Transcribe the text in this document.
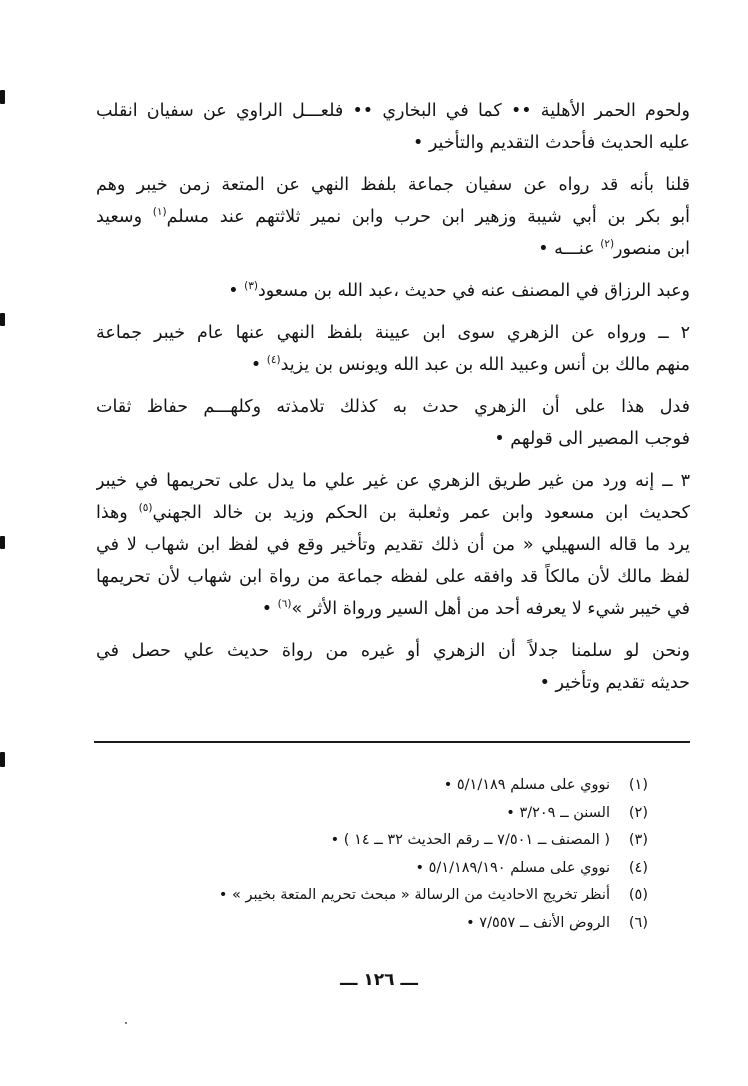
ولحوم الحمر الأهلية •• كما في البخاري •• فلعـــل الراوي عن سفيان انقلب
عليه الحديث فأحدث التقديم والتأخير •
قلنا بأنه قد رواه عن سفيان جماعة بلفظ النهي عن المتعة زمن خيبر وهم
أبو بكر بن أبي شيبة وزهير ابن حرب وابن نمير ثلاثتهم عند مسلم$^{(١)}$ وسعيد
ابن منصور$^{(٢)}$ عنـــه •
وعبد الرزاق في المصنف عنه في حديث ،عبد الله بن مسعود$^{(٣)}$ •
٢ ــ ورواه عن الزهري سوى ابن عيينة بلفظ النهي عنها عام خيبر جماعة
منهم مالك بن أنس وعبيد الله بن عبد الله ويونس بن يزيد$^{(٤)}$ •
فدل هذا على أن الزهري حدث به كذلك تلامذته وكلهـــم حفاظ ثقات
فوجب المصير الى قولهم •
٣ ــ إنه ورد من غير طريق الزهري عن غير علي ما يدل على تحريمها في خيبر
كحديث ابن مسعود وابن عمر وثعلبة بن الحكم وزيد بن خالد الجهني$^{(٥)}$ وهذا
يرد ما قاله السهيلي « من أن ذلك تقديم وتأخير وقع في لفظ ابن شهاب لا في
لفظ مالك لأن مالكاً قد وافقه على لفظه جماعة من رواة ابن شهاب لأن تحريمها
في خيبر شيء لا يعرفه أحد من أهل السير ورواة الأثر »$^{(٦)}$ •
ونحن لو سلمنا جدلاً أن الزهري أو غيره من رواة حديث علي حصل في
حديثه تقديم وتأخير •
(١)نووي على مسلم ٥/١/١٨٩ •
(٢)السنن ــ ٣/٢٠٩ •
(٣)( المصنف ــ ٧/٥٠١ ــ رقم الحديث ٣٢ ــ ١٤ ) •
(٤)نووي على مسلم ٥/١/١٨٩/١٩٠ •
(٥)أنظر تخريج الاحاديث من الرسالة « مبحث تحريم المتعة بخيبر » •
(٦)الروض الأنف ــ ٧/٥٥٧ •
ـــ ١٢٦ ـــ
